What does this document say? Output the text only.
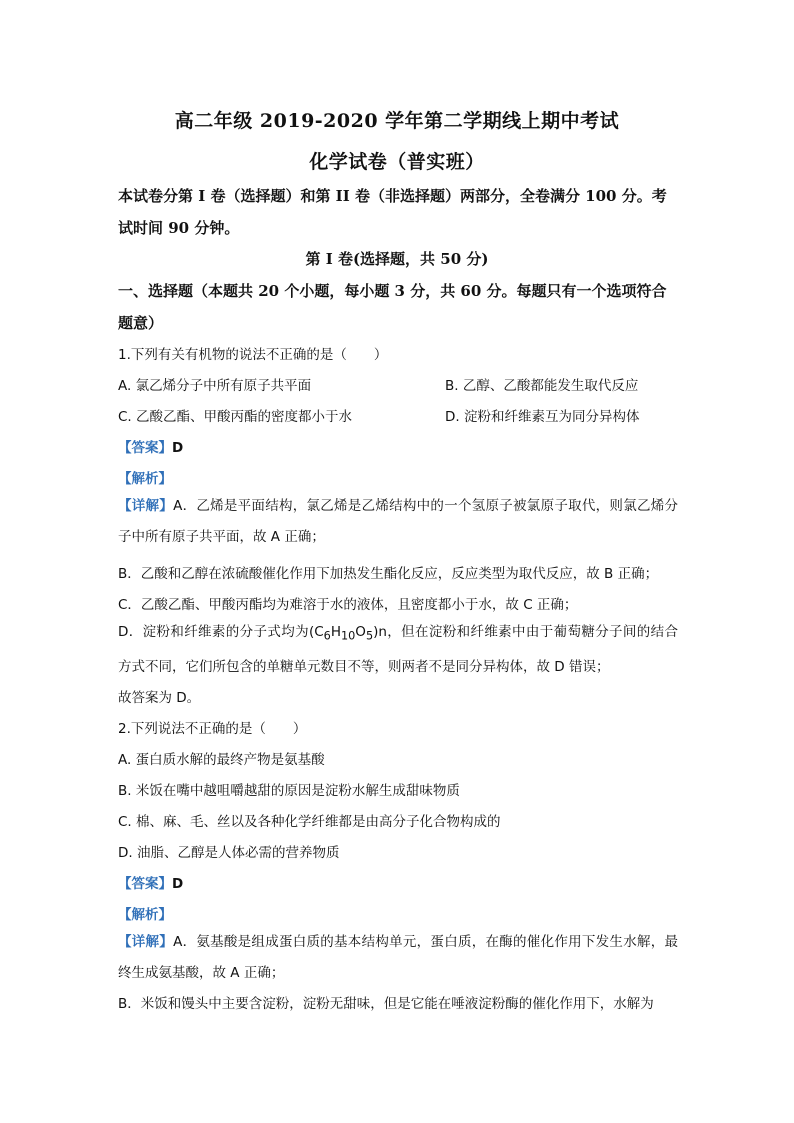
高二年级 2019-2020 学年第二学期线上期中考试
化学试卷（普实班）
本试卷分第 I 卷（选择题）和第 II 卷（非选择题）两部分，全卷满分 100 分。考试时间 90 分钟。
第 I 卷(选择题，共 50 分)
一、选择题（本题共 20 个小题，每小题 3 分，共 60 分。每题只有一个选项符合题意）
1.下列有关有机物的说法不正确的是（　　）
A. 氯乙烯分子中所有原子共平面	B. 乙醇、乙酸都能发生取代反应
C. 乙酸乙酯、甲酸丙酯的密度都小于水	D. 淀粉和纤维素互为同分异构体
【答案】D
【解析】
【详解】A．乙烯是平面结构，氯乙烯是乙烯结构中的一个氢原子被氯原子取代，则氯乙烯分子中所有原子共平面，故 A 正确；
B．乙酸和乙醇在浓硫酸催化作用下加热发生酯化反应，反应类型为取代反应，故 B 正确；
C．乙酸乙酯、甲酸丙酯均为难溶于水的液体，且密度都小于水，故 C 正确；
D．淀粉和纤维素的分子式均为$(C_6H_{10}O_5)n$，但在淀粉和纤维素中由于葡萄糖分子间的结合方式不同，它们所包含的单糖单元数目不等，则两者不是同分异构体，故 D 错误；
故答案为 D。
2.下列说法不正确的是（　　）
A. 蛋白质水解的最终产物是氨基酸
B. 米饭在嘴中越咀嚼越甜的原因是淀粉水解生成甜味物质
C. 棉、麻、毛、丝以及各种化学纤维都是由高分子化合物构成的
D. 油脂、乙醇是人体必需的营养物质
【答案】D
【解析】
【详解】A．氨基酸是组成蛋白质的基本结构单元，蛋白质，在酶的催化作用下发生水解，最终生成氨基酸，故 A 正确；
B．米饭和馒头中主要含淀粉，淀粉无甜味，但是它能在唾液淀粉酶的催化作用下，水解为
